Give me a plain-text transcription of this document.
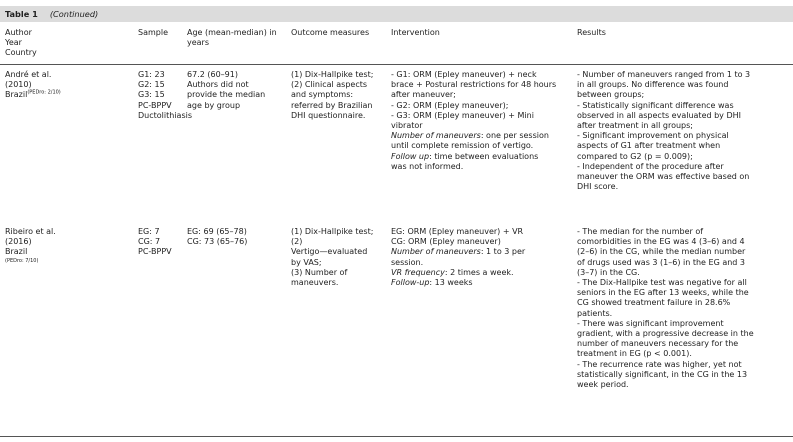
Table 1 (Continued)

Author

Year

Country

Sample Age (mean-median) in

years

Outcome measures	Intervention	Results

André et al.

(2010)

Brazil$^{(PEDro: 2/10)}$

G1: 23

G2: 15

G3: 15

PC-BPPV

Ductolithiasis

67.2 (60–91)

Authors did not

provide the median

age by group

(1) Dix-Hallpike test;

(2) Clinical aspects

and symptoms:

referred by Brazilian

DHI questionnaire.

- G1: ORM (Epley maneuver) + neck

brace + Postural restrictions for 48 hours

after maneuver;

- G2: ORM (Epley maneuver);

- G3: ORM (Epley maneuver) + Mini

vibrator

Number of maneuvers: one per session

until complete remission of vertigo.

Follow up: time between evaluations

was not informed.

- Number of maneuvers ranged from 1 to 3

in all groups. No difference was found

between groups;

- Statistically significant difference was

observed in all aspects evaluated by DHI

after treatment in all groups;

- Significant improvement on physical

aspects of G1 after treatment when

compared to G2 (p = 0.009);

- Independent of the procedure after

maneuver the ORM was effective based on

DHI score.

Ribeiro et al.

(2016)

Brazil

(PEDro: 7/10)

EG: 7

CG: 7

PC-BPPV

EG: 69 (65–78)

CG: 73 (65–76)

(1) Dix-Hallpike test;

(2)

Vertigo—evaluated

by VAS;

(3) Number of

maneuvers.

EG: ORM (Epley maneuver) + VR

CG: ORM (Epley maneuver)

Number of maneuvers: 1 to 3 per

session.

VR frequency: 2 times a week.

Follow-up: 13 weeks

- The median for the number of

comorbidities in the EG was 4 (3–6) and 4

(2–6) in the CG, while the median number

of drugs used was 3 (1–6) in the EG and 3

(3–7) in the CG.

- The Dix-Hallpike test was negative for all

seniors in the EG after 13 weeks, while the

CG showed treatment failure in 28.6%

patients.

- There was significant improvement

gradient, with a progressive decrease in the

number of maneuvers necessary for the

treatment in EG (p < 0.001).

- The recurrence rate was higher, yet not

statistically significant, in the CG in the 13

week period.
